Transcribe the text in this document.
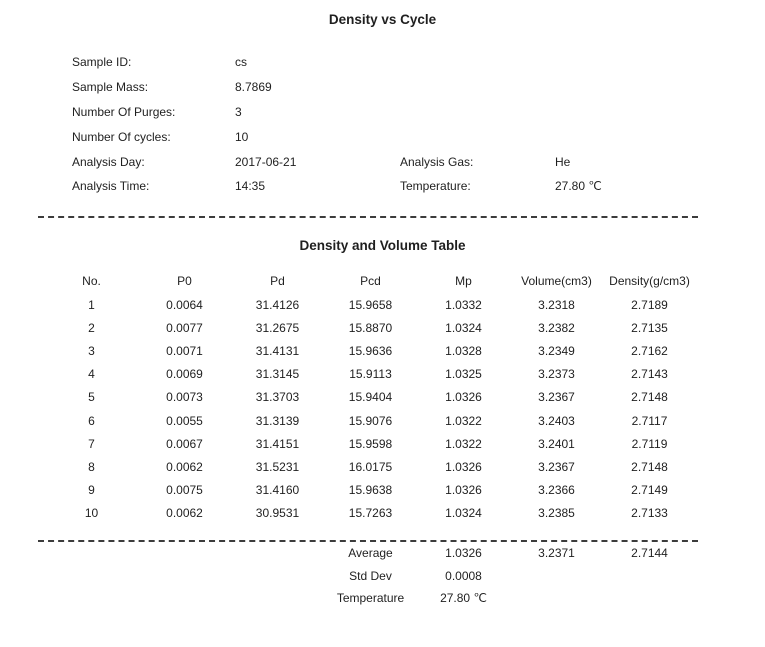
Density vs Cycle
Sample ID:	cs
Sample Mass:	8.7869
Number Of Purges:	3
Number Of cycles:	10
Analysis Day:	2017-06-21	Analysis Gas:	He
Analysis Time:	14:35	Temperature:	27.80 ℃
Density and Volume Table
No.	P0	Pd	Pcd	Mp	Volume(cm3)	Density(g/cm3)
1	0.0064	31.4126	15.9658	1.0332	3.2318	2.7189
2	0.0077	31.2675	15.8870	1.0324	3.2382	2.7135
3	0.0071	31.4131	15.9636	1.0328	3.2349	2.7162
4	0.0069	31.3145	15.9113	1.0325	3.2373	2.7143
5	0.0073	31.3703	15.9404	1.0326	3.2367	2.7148
6	0.0055	31.3139	15.9076	1.0322	3.2403	2.7117
7	0.0067	31.4151	15.9598	1.0322	3.2401	2.7119
8	0.0062	31.5231	16.0175	1.0326	3.2367	2.7148
9	0.0075	31.4160	15.9638	1.0326	3.2366	2.7149
10	0.0062	30.9531	15.7263	1.0324	3.2385	2.7133
			Average	1.0326	3.2371	2.7144
			Std Dev	0.0008		
			Temperature	27.80 ℃		
